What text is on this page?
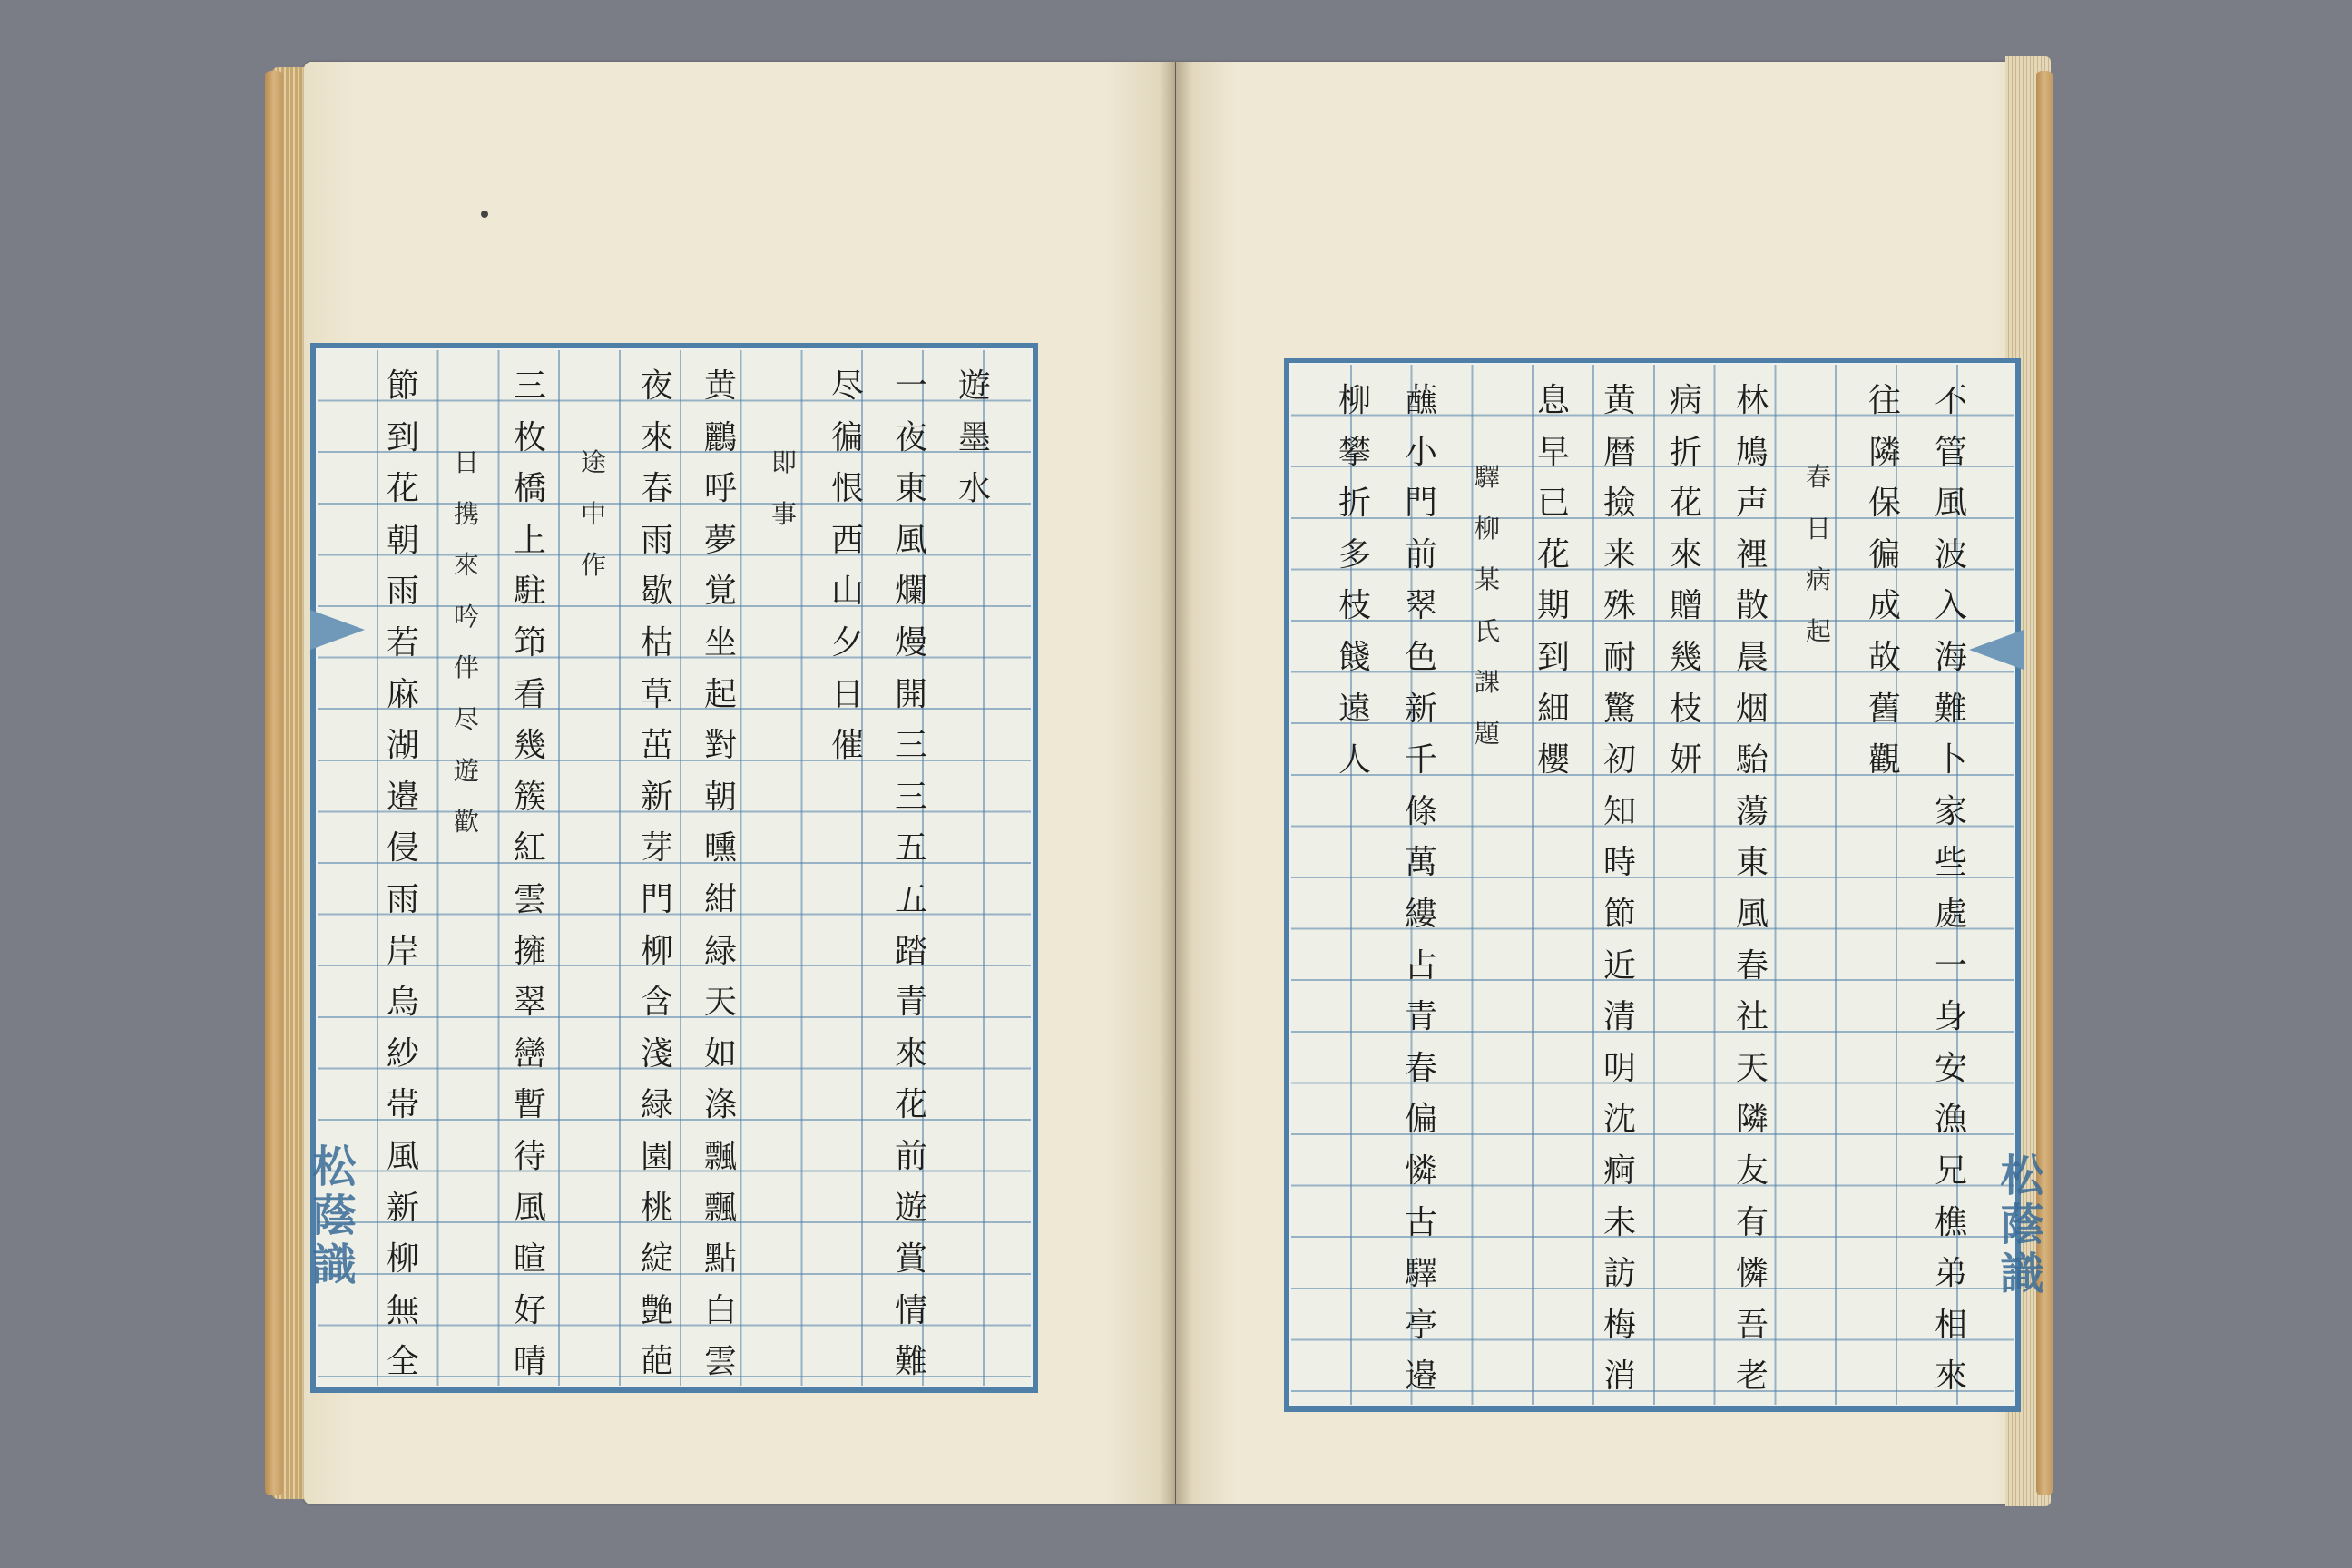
遊
墨
水
一
夜
東
風
爛
熳
開
三
三
五
五
踏
青
來
花
前
遊
賞
情
難
尽
徧
恨
西
山
夕
日
催
即
事
黄
鸝
呼
夢
覚
坐
起
對
朝
曛
紺
緑
天
如
涤
飄
飄
點
白
雲
夜
來
春
雨
歇
枯
草
茁
新
芽
門
柳
含
淺
緑
園
桃
綻
艶
葩
途
中
作
三
枚
橋
上
駐
笻
看
幾
簇
紅
雲
擁
翠
巒
暫
待
風
暄
好
晴
日
携
來
吟
伴
尽
遊
歡
節
到
花
朝
雨
若
麻
湖
邉
侵
雨
岸
烏
紗
帯
風
新
柳
無
全
不
管
風
波
入
海
難
卜
家
些
處
一
身
安
漁
兄
樵
弟
相
來
往
隣
保
徧
成
故
舊
觀
春
日
病
起
林
鳩
声
裡
散
晨
烟
駘
蕩
東
風
春
社
天
隣
友
有
憐
吾
老
病
折
花
來
贈
幾
枝
妍
黄
暦
撿
来
殊
耐
驚
初
知
時
節
近
清
明
沈
痾
未
訪
梅
消
息
早
已
花
期
到
細
櫻
驛
柳
某
氏
課
題
蘸
小
門
前
翠
色
新
千
條
萬
縷
占
青
春
偏
憐
古
驛
亭
邉
柳
攀
折
多
枝
餞
遠
人
松蔭識	松蔭識
